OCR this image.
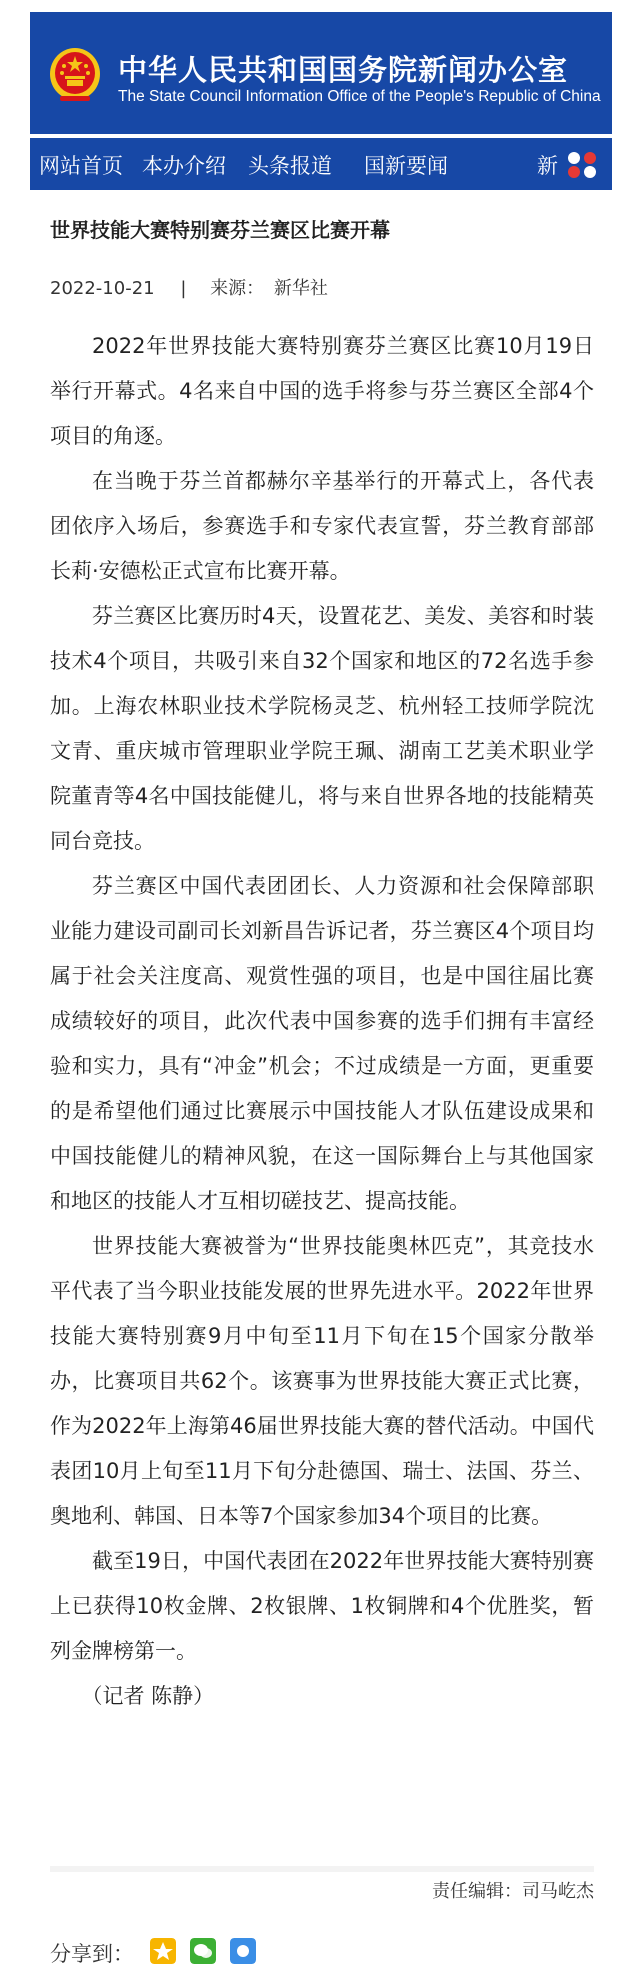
中华人民共和国国务院新闻办公室
The State Council Information Office of the People's Republic of China
网站首页 本办介绍 头条报道 国新要闻	新
世界技能大赛特别赛芬兰赛区比赛开幕
2022-10-21 | 来源： 新华社

2022年世界技能大赛特别赛芬兰赛区比赛10月19日举行开幕式。4名来自中国的选手将参与芬兰赛区全部4个项目的角逐。

在当晚于芬兰首都赫尔辛基举行的开幕式上，各代表团依序入场后，参赛选手和专家代表宣誓，芬兰教育部部长莉·安德松正式宣布比赛开幕。

芬兰赛区比赛历时4天，设置花艺、美发、美容和时装技术4个项目，共吸引来自32个国家和地区的72名选手参加。上海农林职业技术学院杨灵芝、杭州轻工技师学院沈文青、重庆城市管理职业学院王珮、湖南工艺美术职业学院董青等4名中国技能健儿，将与来自世界各地的技能精英同台竞技。

芬兰赛区中国代表团团长、人力资源和社会保障部职业能力建设司副司长刘新昌告诉记者，芬兰赛区4个项目均属于社会关注度高、观赏性强的项目，也是中国往届比赛成绩较好的项目，此次代表中国参赛的选手们拥有丰富经验和实力，具有“冲金”机会；不过成绩是一方面，更重要的是希望他们通过比赛展示中国技能人才队伍建设成果和中国技能健儿的精神风貌，在这一国际舞台上与其他国家和地区的技能人才互相切磋技艺、提高技能。

世界技能大赛被誉为“世界技能奥林匹克”，其竞技水平代表了当今职业技能发展的世界先进水平。2022年世界技能大赛特别赛9月中旬至11月下旬在15个国家分散举办，比赛项目共62个。该赛事为世界技能大赛正式比赛，作为2022年上海第46届世界技能大赛的替代活动。中国代表团10月上旬至11月下旬分赴德国、瑞士、法国、芬兰、奥地利、韩国、日本等7个国家参加34个项目的比赛。

截至19日，中国代表团在2022年世界技能大赛特别赛上已获得10枚金牌、2枚银牌、1枚铜牌和4个优胜奖，暂列金牌榜第一。

（记者 陈静）

责任编辑：司马屹杰
分享到：
